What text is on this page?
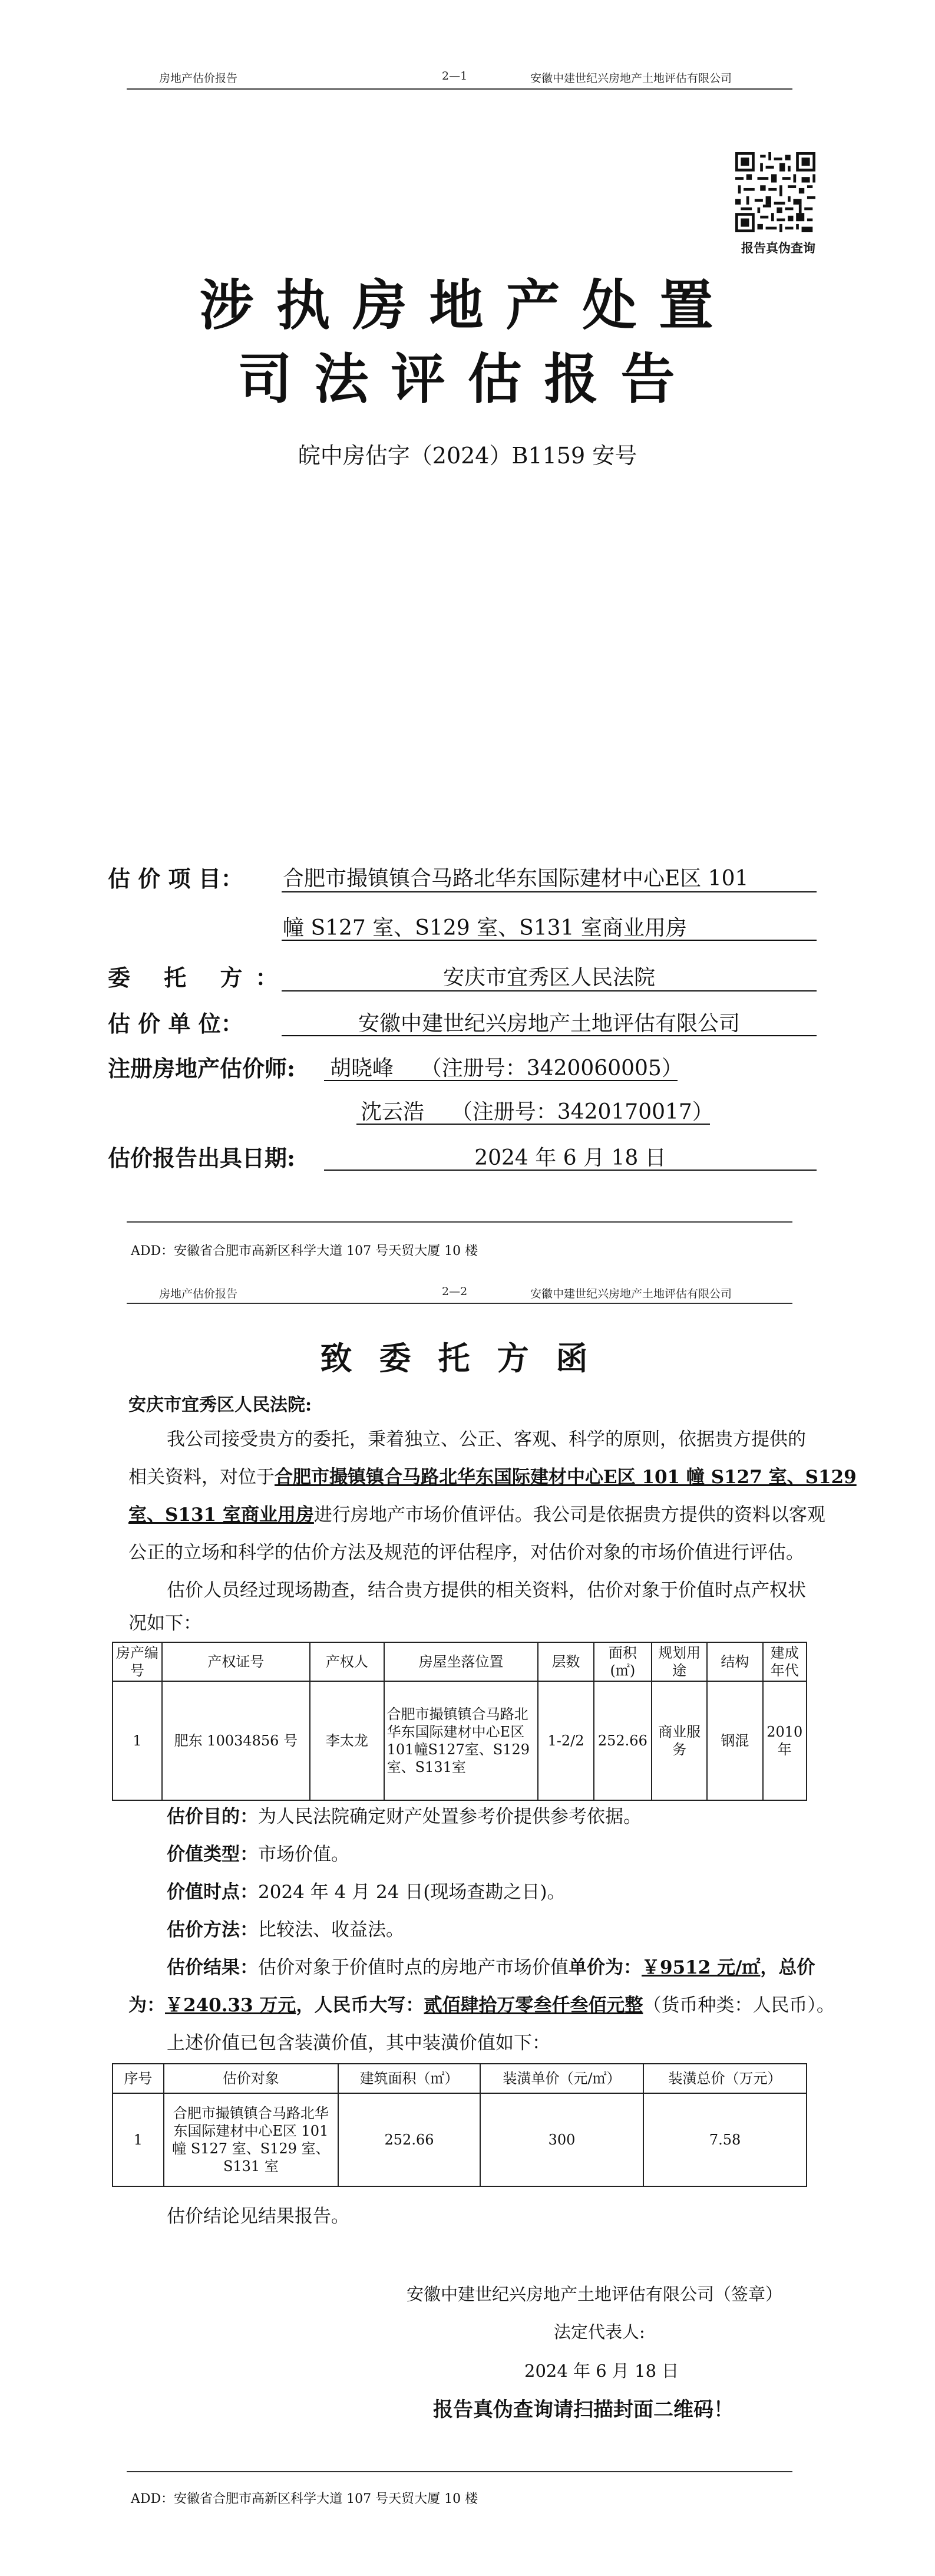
房地产估价报告	2—1	安徽中建世纪兴房地产土地评估有限公司
报告真伪查询
涉执房地产处置
司法评估报告
皖中房估字（2024）B1159 安号
估 价 项 目： 合肥市撮镇镇合马路北华东国际建材中心E区 101
幢 S127 室、S129 室、S131 室商业用房
委 托 方：	安庆市宜秀区人民法院
估 价 单 位：	安徽中建世纪兴房地产土地评估有限公司
注册房地产估价师: 胡晓峰    （注册号：3420060005）
沈云浩    （注册号：3420170017）
估价报告出具日期:	2024 年 6 月 18 日
ADD：安徽省合肥市高新区科学大道 107 号天贸大厦 10 楼
房地产估价报告	2—2	安徽中建世纪兴房地产土地评估有限公司
致委托方函
安庆市宜秀区人民法院:
我公司接受贵方的委托，秉着独立、公正、客观、科学的原则，依据贵方提供的
相关资料，对位于合肥市撮镇镇合马路北华东国际建材中心E区 101 幢 S127 室、S129
室、S131 室商业用房进行房地产市场价值评估。我公司是依据贵方提供的资料以客观
公正的立场和科学的估价方法及规范的评估程序，对估价对象的市场价值进行评估。
估价人员经过现场勘查，结合贵方提供的相关资料，估价对象于价值时点产权状
况如下：
房产编号	产权证号	产权人	房屋坐落位置	层数	面积(㎡)	规划用途	结构	建成年代
1	肥东 10034856 号	李太龙	合肥市撮镇镇合马路北华东国际建材中心E区101幢S127室、S129室、S131室	1-2/2	252.66	商业服务	钢混	2010年
估价目的：为人民法院确定财产处置参考价提供参考依据。
价值类型：市场价值。
价值时点：2024 年 4 月 24 日(现场查勘之日)。
估价方法：比较法、收益法。
估价结果：估价对象于价值时点的房地产市场价值单价为：￥9512 元/㎡，总价
为：￥240.33 万元，人民币大写：贰佰肆拾万零叁仟叁佰元整（货币种类：人民币）。
上述价值已包含装潢价值，其中装潢价值如下：
序号	估价对象	建筑面积（㎡）	装潢单价（元/㎡）	装潢总价（万元）
1	合肥市撮镇镇合马路北华东国际建材中心E区 101 幢 S127 室、S129 室、S131 室	252.66	300	7.58
估价结论见结果报告。
安徽中建世纪兴房地产土地评估有限公司（签章）
法定代表人:
2024 年 6 月 18 日
报告真伪查询请扫描封面二维码！
ADD：安徽省合肥市高新区科学大道 107 号天贸大厦 10 楼
